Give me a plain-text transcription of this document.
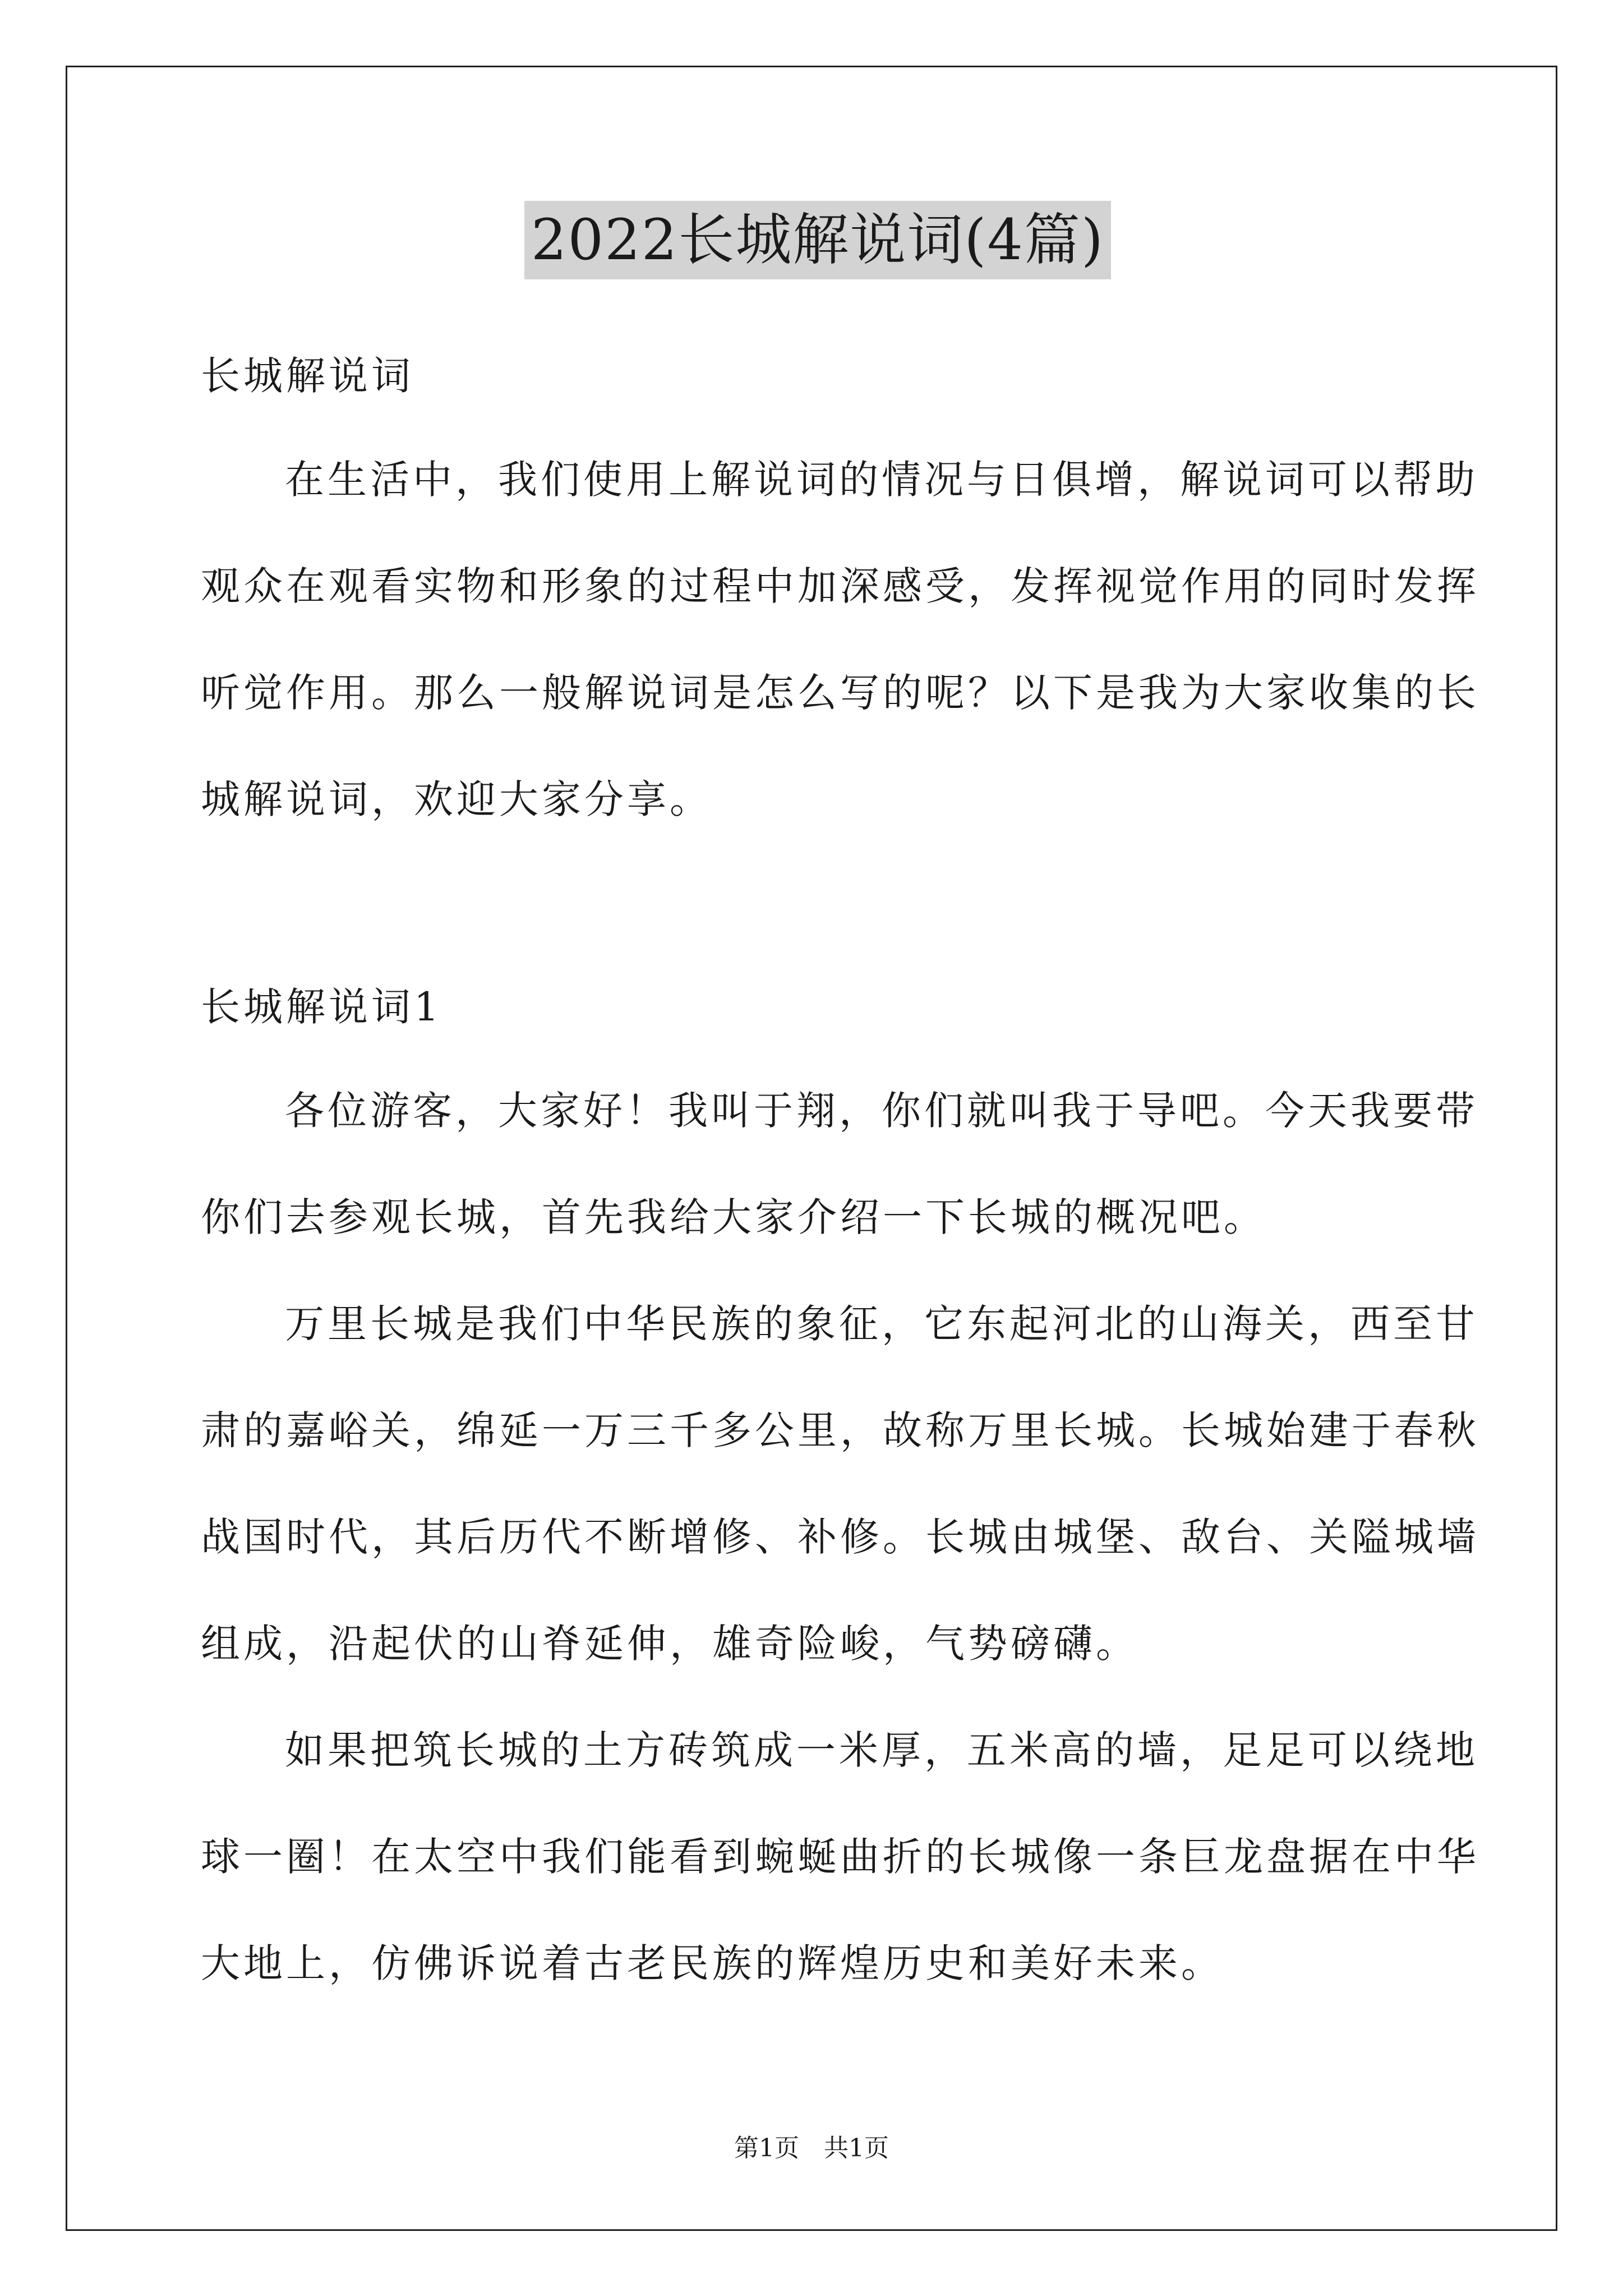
2022长城解说词(4篇)
长城解说词
在生活中，我们使用上解说词的情况与日俱增，解说词可以帮助
观众在观看实物和形象的过程中加深感受，发挥视觉作用的同时发挥
听觉作用。那么一般解说词是怎么写的呢？以下是我为大家收集的长
城解说词，欢迎大家分享。
长城解说词1
各位游客，大家好！我叫于翔，你们就叫我于导吧。今天我要带
你们去参观长城，首先我给大家介绍一下长城的概况吧。
万里长城是我们中华民族的象征，它东起河北的山海关，西至甘
肃的嘉峪关，绵延一万三千多公里，故称万里长城。长城始建于春秋
战国时代，其后历代不断增修、补修。长城由城堡、敌台、关隘城墙
组成，沿起伏的山脊延伸，雄奇险峻，气势磅礴。
如果把筑长城的土方砖筑成一米厚，五米高的墙，足足可以绕地
球一圈！在太空中我们能看到蜿蜒曲折的长城像一条巨龙盘据在中华
大地上，仿佛诉说着古老民族的辉煌历史和美好未来。
第1页　共1页
